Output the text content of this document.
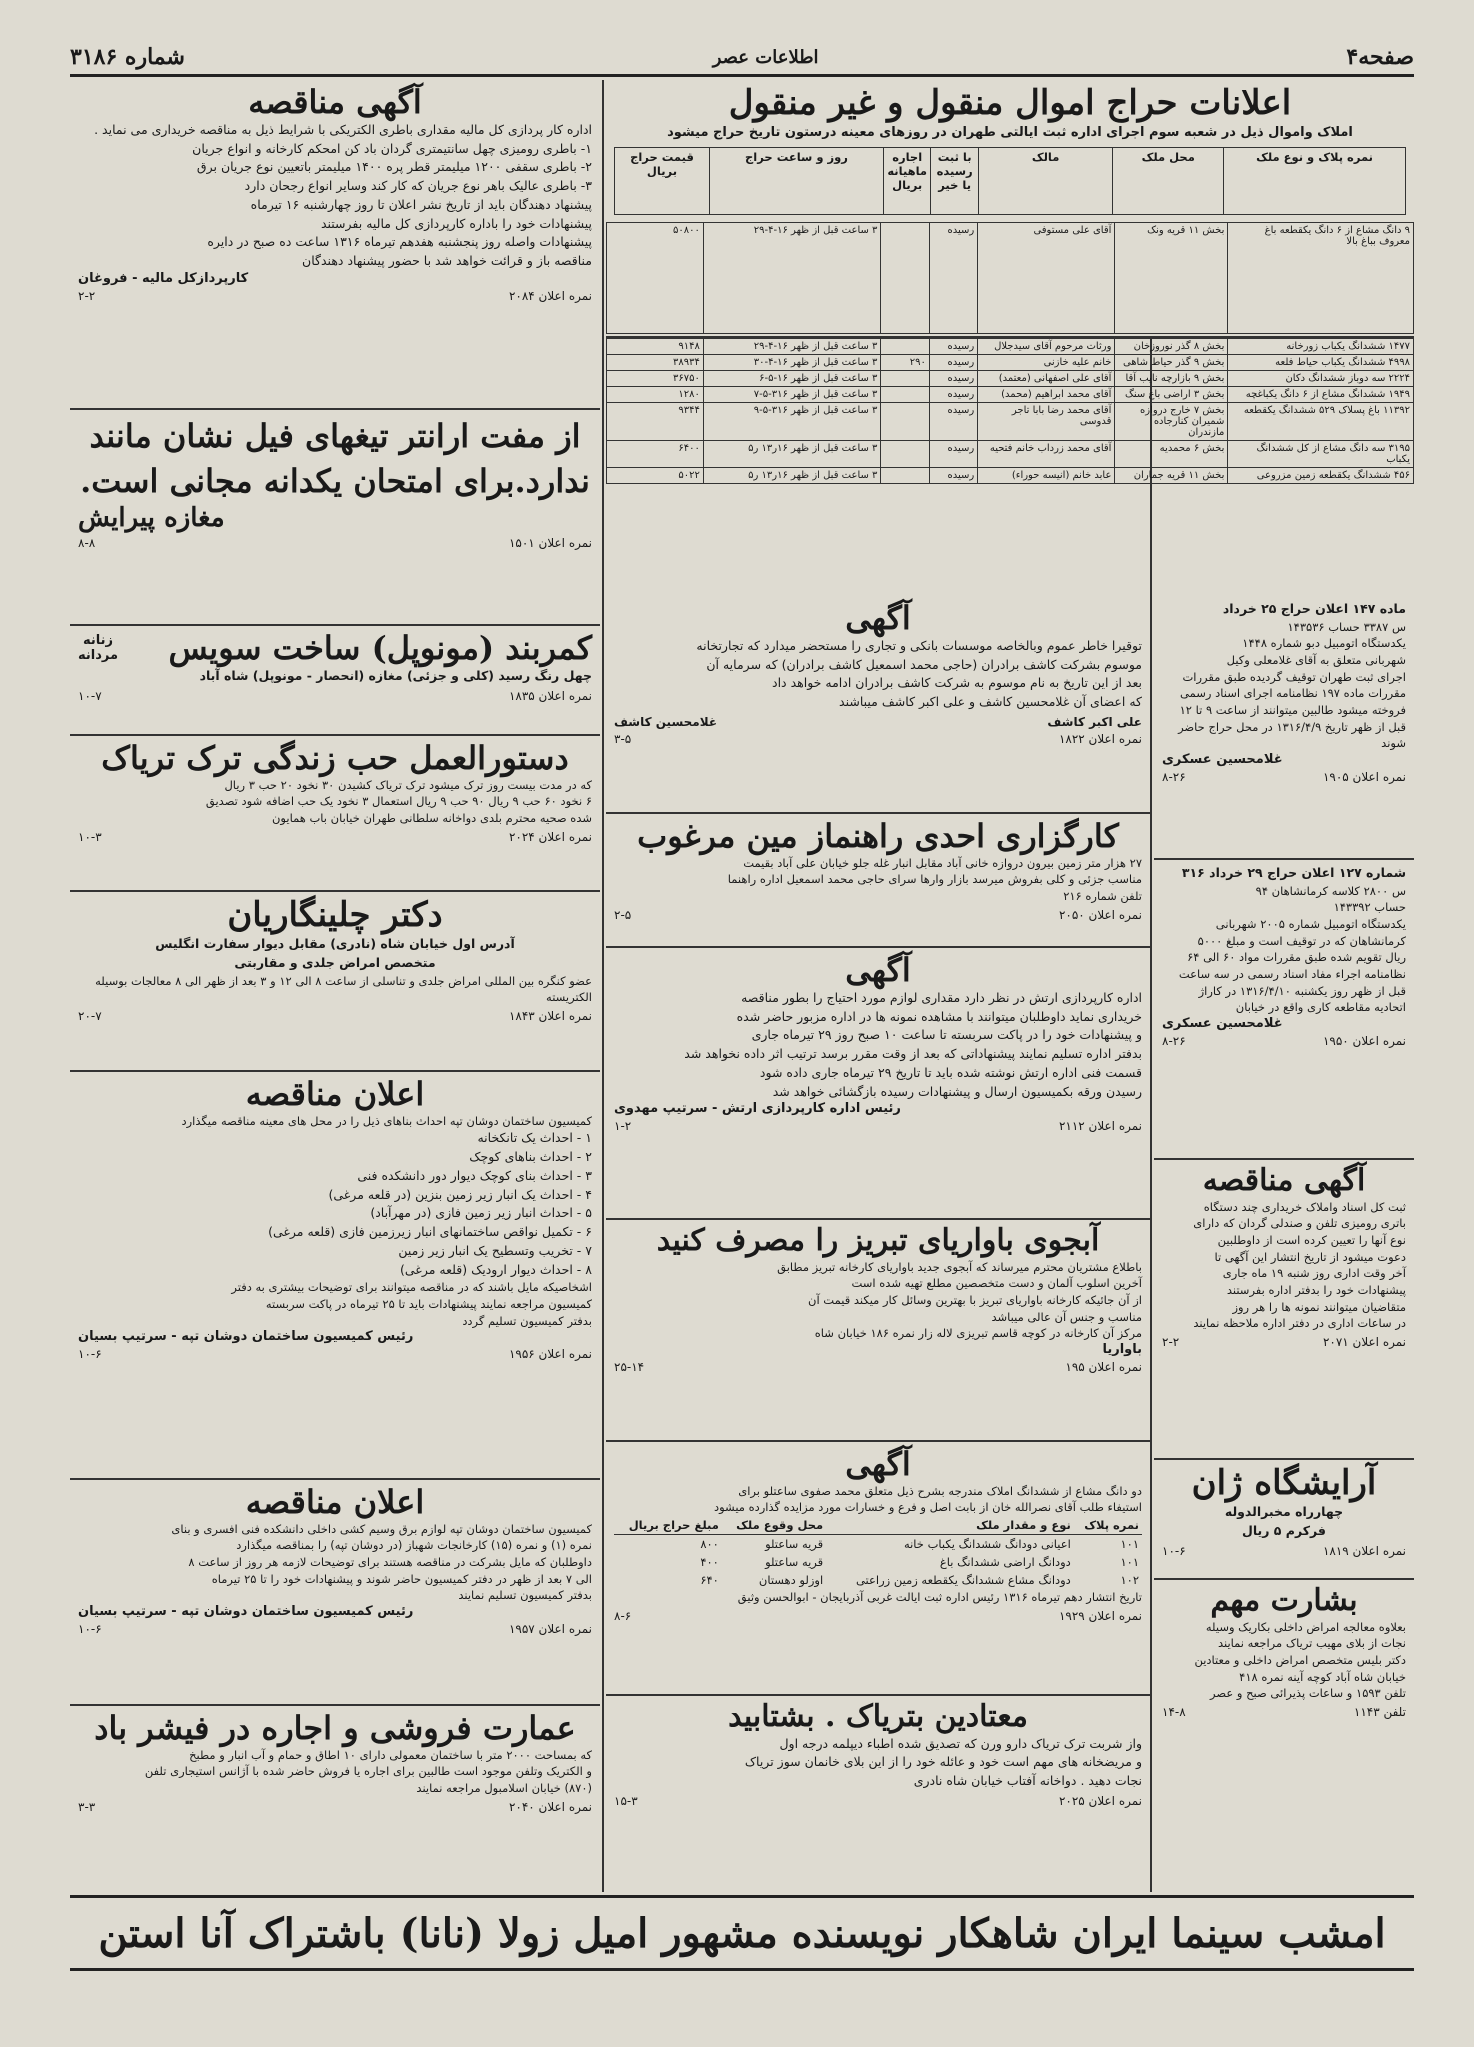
صفحه۴
اطلاعات عصر
شماره ۳۱۸۶
اعلانات حراج اموال منقول و غیر منقول
املاک واموال ذیل در شعبه سوم اجرای اداره ثبت ایالتی طهران در روزهای معینه درستون تاریخ حراج میشود
نمره پلاک و نوع ملک	محل ملک	مالک	با ثبت رسیده یا خیر	اجاره ماهیانه بریال	روز و ساعت حراج	قیمت حراج بریال
۹ دانگ مشاع از ۶ دانگ یکقطعه باغ معروف بباغ بالا	بخش ۱۱ قریه ونک	آقای علی مستوفی	رسیده		۳ ساعت قبل از ظهر ۱۶-۴-۲۹	۵۰۸۰۰
۱۴۷۷ ششدانگ یکباب زورخانه	بخش ۸ گذر نوروزخان	ورثات مرحوم آقای سیدجلال	رسیده		۳ ساعت قبل از ظهر ۱۶-۴-۲۹	۹۱۴۸
۴۹۹۸ ششدانگ یکباب حیاط فلعه	بخش ۹ گذر حیاط شاهی	خانم علیه خازنی	رسیده	۲۹۰	۳ ساعت قبل از ظهر ۱۶-۴-۳۰	۳۸۹۳۴
۲۲۲۴ سه دوباز ششدانگ دکان	بخش ۹ بازارچه نایب آقا	آقای علی اصفهانی (معتمد)	رسیده		۳ ساعت قبل از ظهر ۱۶-۵-۶	۳۶۷۵۰
۱۹۴۹ ششدانگ مشاع از ۶ دانگ یکباغچه	بخش ۳ اراضی باغ سنگ	آقای محمد ابراهیم (محمد)	رسیده		۳ ساعت قبل از ظهر ۳۱۶-۵-۷	۱۲۸۰
۱۱۳۹۲ باغ پسلاک ۵۲۹ ششدانگ یکقطعه	بخش ۷ خارج دروازه شمیران کنارجاده مازندران	آقای محمد رضا بابا تاجر قدوسی	رسیده		۳ ساعت قبل از ظهر ۳۱۶-۵-۹	۹۳۴۴
۳۱۹۵ سه دانگ مشاع از کل ششدانگ یکباب	بخش ۶ محمدیه	آقای محمد زرداب خانم فتحیه	رسیده		۳ ساعت قبل از ظهر ۱۶ر۱۳ ر۵	۶۴۰۰
۴۵۶ ششدانگ یکقطعه زمین مزروعی	بخش ۱۱ قریه جماران	عابد خانم (انیسه حوراء)	رسیده		۳ ساعت قبل از ظهر ۱۶ر۱۳ ر۵	۵۰۲۲
ماده ۱۴۷ اعلان حراج ۲۵ خرداد
س ۳۳۸۷ حساب ۱۴۳۵۳۶
یکدستگاه اتومبیل دبو شماره ۱۴۴۸
شهربانی متعلق به آقای غلامعلی وکیل
اجرای ثبت طهران توقیف گردیده طبق مقررات
مقررات ماده ۱۹۷ نظامنامه اجرای اسناد رسمی
فروخته میشود طالبین میتوانند از ساعت ۹ تا ۱۲
قبل از ظهر تاریخ ۱۳۱۶/۴/۹ در محل حراج حاضر شوند
غلامحسین عسکری
نمره اعلان ۱۹۰۵
۸-۲۶
شماره ۱۲۷ اعلان حراج ۲۹ خرداد ۳۱۶
س ۲۸۰۰ کلاسه کرمانشاهان ۹۴
حساب ۱۴۳۳۹۲
یکدستگاه اتومبیل شماره ۲۰۰۵ شهربانی
کرمانشاهان که در توقیف است و مبلغ ۵۰۰۰
ریال تقویم شده طبق مقررات مواد ۶۰ الی ۶۴
نظامنامه اجراء مفاد اسناد رسمی در سه ساعت
قبل از ظهر روز یکشنبه ۱۳۱۶/۴/۱۰ در کاراژ
اتحادیه مقاطعه کاری واقع در خیابان
غلامحسین عسکری
نمره اعلان ۱۹۵۰
۸-۲۶
آگهی مناقصه
ثبت کل اسناد واملاک خریداری چند دستگاه
باتری رومیزی تلفن و صندلی گردان که دارای
نوع آنها را تعیین کرده است از داوطلبین
دعوت میشود از تاریخ انتشار این آگهی تا
آخر وقت اداری روز شنبه ۱۹ ماه جاری
پیشنهادات خود را بدفتر اداره بفرستند
متقاضیان میتوانند نمونه ها را هر روز
در ساعات اداری در دفتر اداره ملاحظه نمایند
نمره اعلان ۲۰۷۱
۲-۲
آرایشگاه ژان
چهارراه مخبرالدوله
فرکرم ۵ ریال
نمره اعلان ۱۸۱۹
۱۰-۶
بشارت مهم
بعلاوه معالجه امراض داخلی بکاریک وسیله
نجات از بلای مهیب تریاک مراجعه نمایند
دکتر بلیس متخصص امراض داخلی و معتادین
خیابان شاه آباد کوچه آینه نمره ۴۱۸
تلفن ۱۵۹۳ و ساعات پذیرائی صبح و عصر
تلفن ۱۱۴۳
۱۴-۸
آگهی
توقیرا خاطر عموم وبالخاصه موسسات بانکی و تجاری را مستحضر میدارد که تجارتخانه
موسوم بشرکت کاشف برادران (حاجی محمد اسمعیل کاشف برادران) که سرمایه آن
بعد از این تاریخ به نام موسوم به شرکت کاشف برادران ادامه خواهد داد
که اعضای آن غلامحسین کاشف و علی اکبر کاشف میباشند
علی اکبر کاشف
غلامحسین کاشف
نمره اعلان ۱۸۲۲
۳-۵
کارگزاری احدی راهنماز مین مرغوب
۲۷ هزار متر زمین بیرون دروازه خانی آباد مقابل انبار غله جلو خیابان علی آباد بقیمت
مناسب جزئی و کلی بفروش میرسد بازار وارها سرای حاجی محمد اسمعیل اداره راهنما
تلفن شماره ۲۱۶
نمره اعلان ۲۰۵۰
۲-۵
آگهی
اداره کارپردازی ارتش در نظر دارد مقداری لوازم مورد احتیاج را بطور مناقصه
خریداری نماید داوطلبان میتوانند با مشاهده نمونه ها در اداره مزبور حاضر شده
و پیشنهادات خود را در پاکت سربسته تا ساعت ۱۰ صبح روز ۲۹ تیرماه جاری
بدفتر اداره تسلیم نمایند پیشنهاداتی که بعد از وقت مقرر برسد ترتیب اثر داده نخواهد شد
قسمت فنی اداره ارتش نوشته شده باید تا تاریخ ۲۹ تیرماه جاری داده شود
رسیدن ورقه بکمیسیون ارسال و پیشنهادات رسیده بازگشائی خواهد شد
رئیس اداره کارپردازی ارتش - سرتیپ مهدوی
نمره اعلان ۲۱۱۲
۱-۲
آبجوی باواریای تبریز را مصرف کنید
باطلاع مشتریان محترم میرساند که آبجوی جدید باواریای کارخانه تبریز مطابق
آخرین اسلوب آلمان و دست متخصصین مطلع تهیه شده است
از آن جائیکه کارخانه باواریای تبریز با بهترین وسائل کار میکند قیمت آن
مناسب و جنس آن عالی میباشد
مرکز آن کارخانه در کوچه قاسم تبریزی لاله زار نمره ۱۸۶ خیابان شاه
باواریا
نمره اعلان ۱۹۵
۲۵-۱۴
آگهی
دو دانگ مشاع از ششدانگ املاک مندرجه بشرح ذیل متعلق محمد صفوی ساعتلو برای
استیفاء طلب آقای نصرالله خان از بابت اصل و فرع و خسارات مورد مزایده گذارده میشود
نمره پلاک	نوع و مقدار ملک	محل وقوع ملک	مبلغ حراج بریال
۱۰۱	اعیانی دودانگ ششدانگ یکباب خانه	قریه ساعتلو	۸۰۰
۱۰۱	دودانگ اراضی ششدانگ باغ	قریه ساعتلو	۴۰۰
۱۰۲	دودانگ مشاع ششدانگ یکقطعه زمین زراعتی	اوزلو دهستان	۶۴۰
تاریخ انتشار دهم تیرماه ۱۳۱۶ رئیس اداره ثبت ایالت غربی آذربایجان - ابوالحسن وثیق
نمره اعلان ۱۹۲۹
۸-۶
معتادین بتریاک . بشتابید
واز شربت ترک تریاک دارو ورن که تصدیق شده اطباء دیپلمه درجه اول
و مریضخانه های مهم است خود و عائله خود را از این بلای خانمان سوز تریاک
نجات دهید . دواخانه آفتاب خیابان شاه نادری
نمره اعلان ۲۰۲۵
۱۵-۳
آگهی مناقصه
اداره کار پردازی کل مالیه مقداری باطری الکتریکی با شرایط ذیل به مناقصه خریداری می نماید .
۱- باطری رومیزی چهل سانتیمتری گردان باد کن امحکم کارخانه و انواع جریان
۲- باطری سقفی ۱۲۰۰ میلیمتر قطر پره ۱۴۰۰ میلیمتر باتعیین نوع جریان برق
۳- باطری عالیک باهر نوع جریان که کار کند وسایر انواع رجحان دارد
پیشنهاد دهندگان باید از تاریخ نشر اعلان تا روز چهارشنبه ۱۶ تیرماه
پیشنهادات خود را باداره کارپردازی کل مالیه بفرستند
پیشنهادات واصله روز پنجشنبه هفدهم تیرماه ۱۳۱۶ ساعت ده صبح در دایره
مناقصه باز و قرائت خواهد شد با حضور پیشنهاد دهندگان
کارپردازکل مالیه - فروغان
نمره اعلان ۲۰۸۴
۲-۲
از مفت ارانتر تیغهای فیل نشان مانند ندارد.برای امتحان یکدانه مجانی است.
مغازه پیرایش
نمره اعلان ۱۵۰۱
۸-۸
کمربند (مونوپل) ساخت سویس
زنانه
مردانه
چهل رنگ رسید (کلی و جزئی) مغازه (انحصار - مونوپل) شاه آباد
نمره اعلان ۱۸۳۵
۱۰-۷
دستورالعمل حب زندگی ترک تریاک
که در مدت بیست روز ترک میشود ترک تریاک کشیدن ۳۰ نخود ۲۰ حب ۳ ریال
۶ نخود ۶۰ حب ۹ ریال ۹۰ حب ۹ ریال استعمال ۳ نخود یک حب اضافه شود تصدیق
شده صحیه محترم بلدی دواخانه سلطانی طهران خیابان باب همایون
نمره اعلان ۲۰۲۴
۱۰-۳
دکتر چلینگاریان
آدرس اول خیابان شاه (نادری) مقابل دیوار سفارت انگلیس
متخصص امراض جلدی و مقاربتی
عضو کنگره بین المللی امراض جلدی و تناسلی از ساعت ۸ الی ۱۲ و ۳ بعد از ظهر الی ۸ معالجات بوسیله الکتریسته
نمره اعلان ۱۸۴۳
۲۰-۷
اعلان مناقصه
کمیسیون ساختمان دوشان تپه احداث بناهای ذیل را در محل های معینه مناقصه میگذارد
۱ - احداث یک تانکخانه
۲ - احداث بناهای کوچک
۳ - احداث بنای کوچک دیوار دور دانشکده فنی
۴ - احداث یک انبار زیر زمین بنزین (در قلعه مرغی)
۵ - احداث انبار زیر زمین فازی (در مهرآباد)
۶ - تکمیل نواقص ساختمانهای انبار زیرزمین فازی (قلعه مرغی)
۷ - تخریب وتسطیح یک انبار زیر زمین
۸ - احداث دیوار ارودیک (قلعه مرغی)
اشخاصیکه مایل باشند که در مناقصه میتوانند برای توضیحات بیشتری به دفتر
کمیسیون مراجعه نمایند پیشنهادات باید تا ۲۵ تیرماه در پاکت سربسته
بدفتر کمیسیون تسلیم گردد
رئیس کمیسیون ساختمان دوشان تپه - سرتیپ بسیان
نمره اعلان ۱۹۵۶
۱۰-۶
اعلان مناقصه
کمیسیون ساختمان دوشان تپه لوازم برق وسیم کشی داخلی دانشکده فنی افسری و بنای
نمره (۱) و نمره (۱۵) کارخانجات شهباز (در دوشان تپه) را بمناقصه میگذارد
داوطلبان که مایل بشرکت در مناقصه هستند برای توضیحات لازمه هر روز از ساعت ۸
الی ۷ بعد از ظهر در دفتر کمیسیون حاضر شوند و پیشنهادات خود را تا ۲۵ تیرماه
بدفتر کمیسیون تسلیم نمایند
رئیس کمیسیون ساختمان دوشان تپه - سرتیپ بسیان
نمره اعلان ۱۹۵۷
۱۰-۶
عمارت فروشی و اجاره در فیشر باد
که بمساحت ۲۰۰۰ متر با ساختمان معمولی دارای ۱۰ اطاق و حمام و آب انبار و مطبخ
و الکتریک وتلفن موجود است طالبین برای اجاره یا فروش حاضر شده با آژانس استیجاری تلفن
(۸۷۰) خیابان اسلامبول مراجعه نمایند
نمره اعلان ۲۰۴۰
۳-۳
امشب سینما ایران شاهکار نویسنده مشهور امیل زولا (نانا) باشتراک آنا استن
